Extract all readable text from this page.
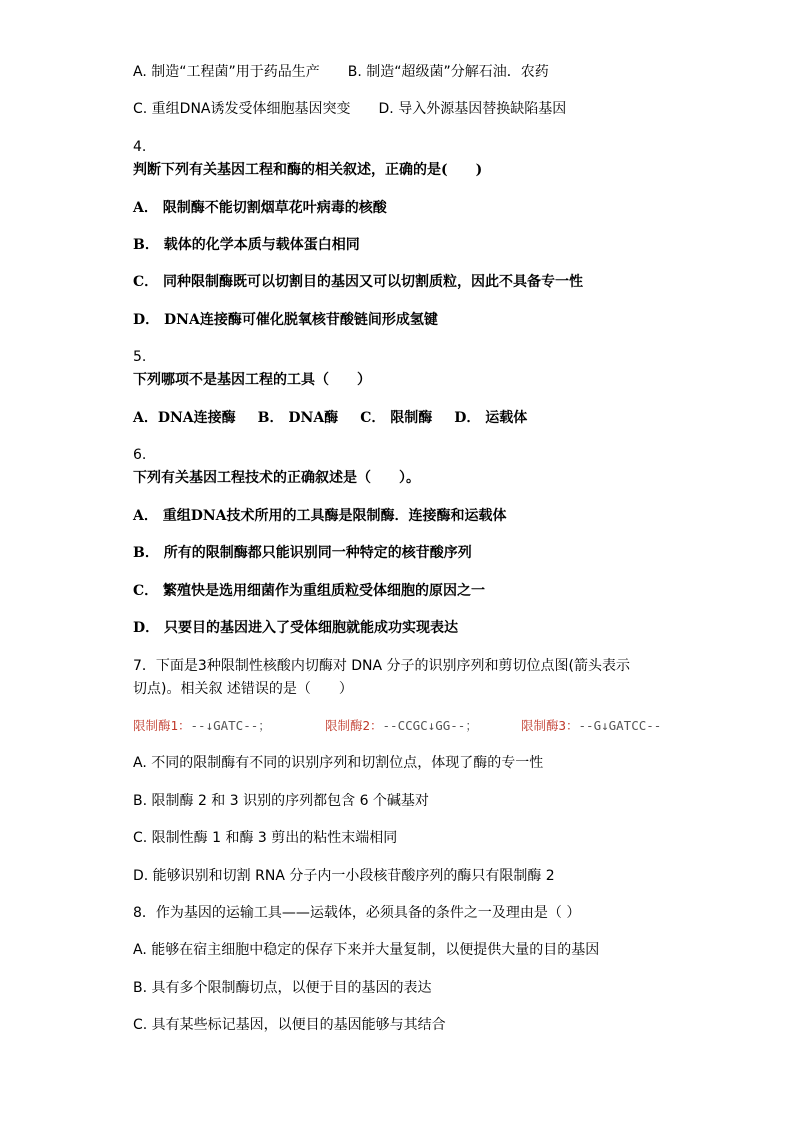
A. 制造“工程菌”用于药品生产 B. 制造“超级菌”分解石油．农药
C. 重组DNA诱发受体细胞基因突变 D. 导入外源基因替换缺陷基因
4.
判断下列有关基因工程和酶的相关叙述，正确的是(　　)
A． 限制酶不能切割烟草花叶病毒的核酸
B． 载体的化学本质与载体蛋白相同
C． 同种限制酶既可以切割目的基因又可以切割质粒，因此不具备专一性
D． DNA连接酶可催化脱氧核苷酸链间形成氢键
5.
下列哪项不是基因工程的工具（　　）
A．DNA连接酶 B． DNA酶 C． 限制酶 D． 运载体
6.
下列有关基因工程技术的正确叙述是（　　）。
A． 重组DNA技术所用的工具酶是限制酶．连接酶和运载体
B． 所有的限制酶都只能识别同一种特定的核苷酸序列
C． 繁殖快是选用细菌作为重组质粒受体细胞的原因之一
D． 只要目的基因进入了受体细胞就能成功实现表达
7．下面是3种限制性核酸内切酶对 DNA 分子的识别序列和剪切位点图(箭头表示
切点)。相关叙 述错误的是（　　）
限制酶1：--↓GATC--；	限制酶2：--CCGC↓GG--；	限制酶3：--G↓GATCC--
A. 不同的限制酶有不同的识别序列和切割位点，体现了酶的专一性
B. 限制酶 2 和 3 识别的序列都包含 6 个碱基对
C. 限制性酶 1 和酶 3 剪出的粘性末端相同
D. 能够识别和切割 RNA 分子内一小段核苷酸序列的酶只有限制酶 2
8．作为基因的运输工具——运载体，必须具备的条件之一及理由是（ ）
A. 能够在宿主细胞中稳定的保存下来并大量复制，以便提供大量的目的基因
B. 具有多个限制酶切点，以便于目的基因的表达
C. 具有某些标记基因，以便目的基因能够与其结合
